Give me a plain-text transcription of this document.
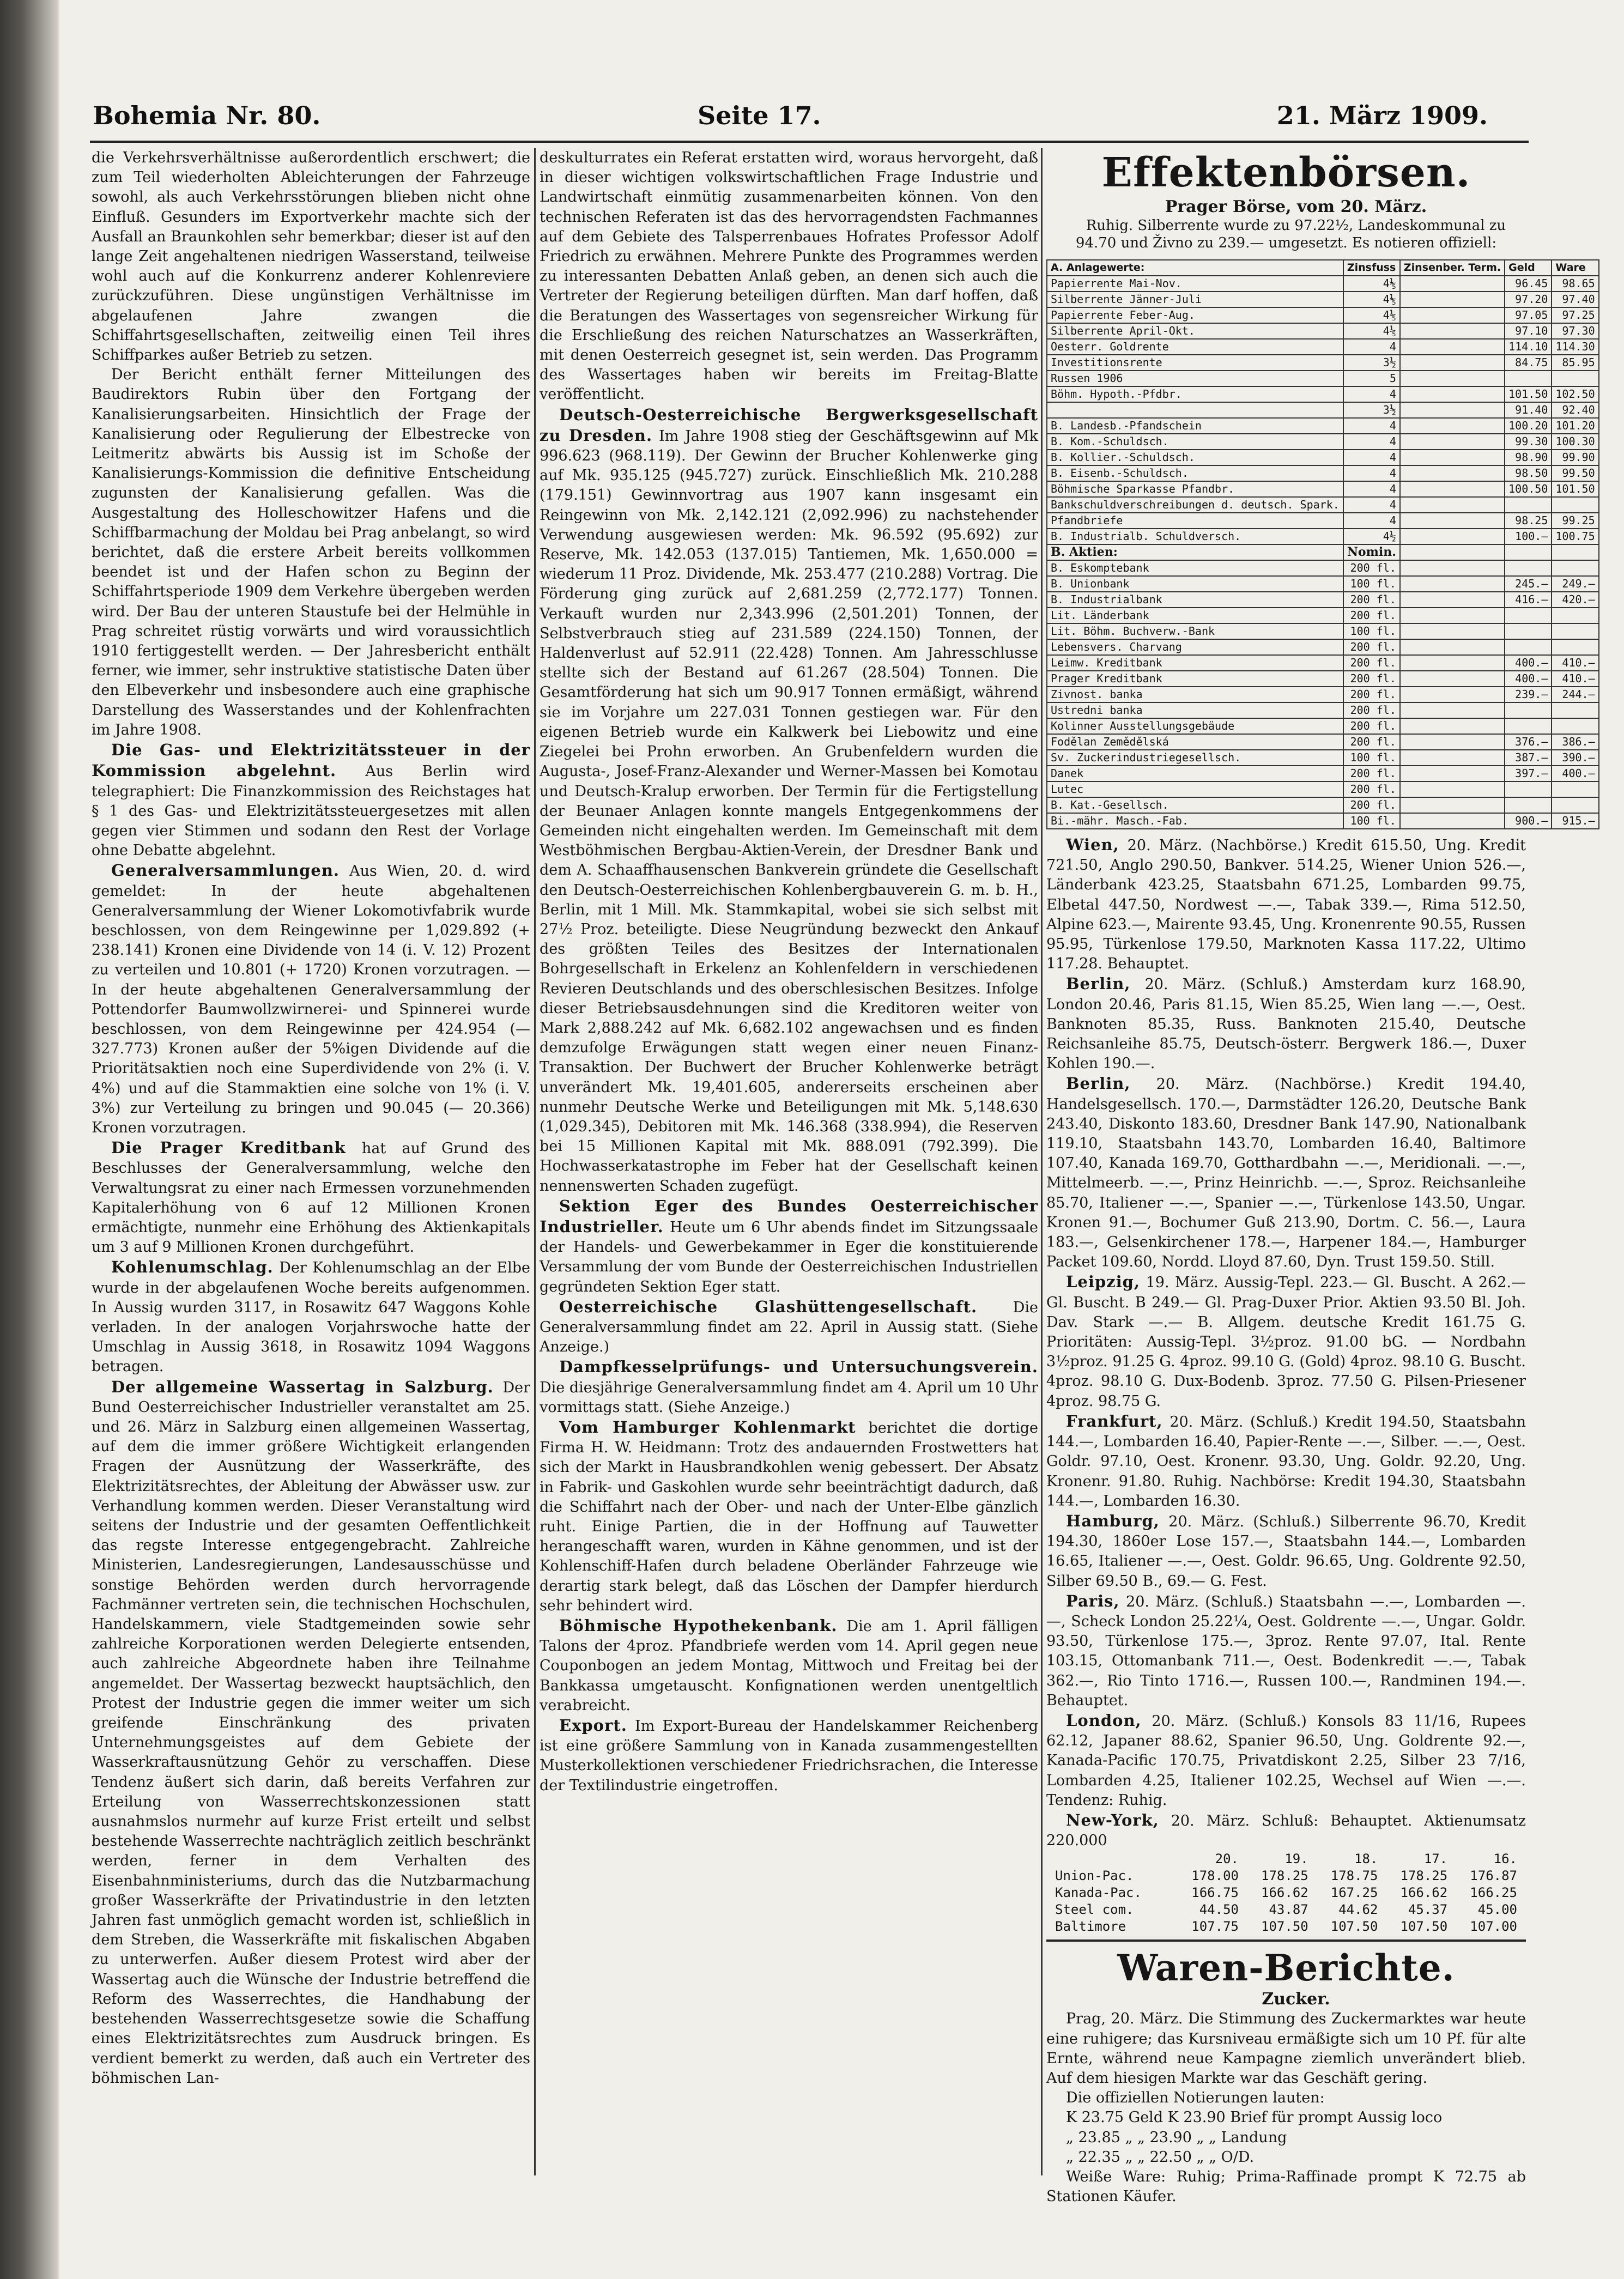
Bohemia Nr. 80.	Seite 17.	21. März 1909.

die Verkehrsverhältnisse außerordentlich erschwert; die zum Teil wiederholten Ableichterungen der Fahrzeuge sowohl, als auch Verkehrsstörungen blieben nicht ohne Einfluß. Gesunders im Exportverkehr machte sich der Ausfall an Braunkohlen sehr bemerkbar; dieser ist auf den lange Zeit angehaltenen niedrigen Wasserstand, teilweise wohl auch auf die Konkurrenz anderer Kohlenreviere zurückzuführen. Diese ungünstigen Verhältnisse im abgelaufenen Jahre zwangen die Schiffahrtsgesellschaften, zeitweilig einen Teil ihres Schiffparkes außer Betrieb zu setzen.

Der Bericht enthält ferner Mitteilungen des Baudirektors Rubin über den Fortgang der Kanalisierungsarbeiten. Hinsichtlich der Frage der Kanalisierung oder Regulierung der Elbestrecke von Leitmeritz abwärts bis Aussig ist im Schoße der Kanalisierungs-Kommission die definitive Entscheidung zugunsten der Kanalisierung gefallen. Was die Ausgestaltung des Holleschowitzer Hafens und die Schiffbarmachung der Moldau bei Prag anbelangt, so wird berichtet, daß die erstere Arbeit bereits vollkommen beendet ist und der Hafen schon zu Beginn der Schiffahrtsperiode 1909 dem Verkehre übergeben werden wird. Der Bau der unteren Staustufe bei der Helmühle in Prag schreitet rüstig vorwärts und wird voraussichtlich 1910 fertiggestellt werden. — Der Jahresbericht enthält ferner, wie immer, sehr instruktive statistische Daten über den Elbeverkehr und insbesondere auch eine graphische Darstellung des Wasserstandes und der Kohlenfrachten im Jahre 1908.

Die Gas- und Elektrizitätssteuer in der Kommission abgelehnt. Aus Berlin wird telegraphiert: Die Finanzkommission des Reichstages hat § 1 des Gas- und Elektrizitätssteuergesetzes mit allen gegen vier Stimmen und sodann den Rest der Vorlage ohne Debatte abgelehnt.

Generalversammlungen. Aus Wien, 20. d. wird gemeldet: In der heute abgehaltenen Generalversammlung der Wiener Lokomotivfabrik wurde beschlossen, von dem Reingewinne per 1,029.892 (+ 238.141) Kronen eine Dividende von 14 (i. V. 12) Prozent zu verteilen und 10.801 (+ 1720) Kronen vorzutragen. — In der heute abgehaltenen Generalversammlung der Pottendorfer Baumwollzwirnerei- und Spinnerei wurde beschlossen, von dem Reingewinne per 424.954 (— 327.773) Kronen außer der 5%igen Dividende auf die Prioritätsaktien noch eine Superdividende von 2% (i. V. 4%) und auf die Stammaktien eine solche von 1% (i. V. 3%) zur Verteilung zu bringen und 90.045 (— 20.366) Kronen vorzutragen.

Die Prager Kreditbank hat auf Grund des Beschlusses der Generalversammlung, welche den Verwaltungsrat zu einer nach Ermessen vorzunehmenden Kapitalerhöhung von 6 auf 12 Millionen Kronen ermächtigte, nunmehr eine Erhöhung des Aktienkapitals um 3 auf 9 Millionen Kronen durchgeführt.

Kohlenumschlag. Der Kohlenumschlag an der Elbe wurde in der abgelaufenen Woche bereits aufgenommen. In Aussig wurden 3117, in Rosawitz 647 Waggons Kohle verladen. In der analogen Vorjahrswoche hatte der Umschlag in Aussig 3618, in Rosawitz 1094 Waggons betragen.

Der allgemeine Wassertag in Salzburg. Der Bund Oesterreichischer Industrieller veranstaltet am 25. und 26. März in Salzburg einen allgemeinen Wassertag, auf dem die immer größere Wichtigkeit erlangenden Fragen der Ausnützung der Wasserkräfte, des Elektrizitätsrechtes, der Ableitung der Abwässer usw. zur Verhandlung kommen werden. Dieser Veranstaltung wird seitens der Industrie und der gesamten Oeffentlichkeit das regste Interesse entgegengebracht. Zahlreiche Ministerien, Landesregierungen, Landesausschüsse und sonstige Behörden werden durch hervorragende Fachmänner vertreten sein, die technischen Hochschulen, Handelskammern, viele Stadtgemeinden sowie sehr zahlreiche Korporationen werden Delegierte entsenden, auch zahlreiche Abgeordnete haben ihre Teilnahme angemeldet. Der Wassertag bezweckt hauptsächlich, den Protest der Industrie gegen die immer weiter um sich greifende Einschränkung des privaten Unternehmungsgeistes auf dem Gebiete der Wasserkraftausnützung Gehör zu verschaffen. Diese Tendenz äußert sich darin, daß bereits Verfahren zur Erteilung von Wasserrechtskonzessionen statt ausnahmslos nurmehr auf kurze Frist erteilt und selbst bestehende Wasserrechte nachträglich zeitlich beschränkt werden, ferner in dem Verhalten des Eisenbahnministeriums, durch das die Nutzbarmachung großer Wasserkräfte der Privatindustrie in den letzten Jahren fast unmöglich gemacht worden ist, schließlich in dem Streben, die Wasserkräfte mit fiskalischen Abgaben zu unterwerfen. Außer diesem Protest wird aber der Wassertag auch die Wünsche der Industrie betreffend die Reform des Wasserrechtes, die Handhabung der bestehenden Wasserrechtsgesetze sowie die Schaffung eines Elektrizitätsrechtes zum Ausdruck bringen. Es verdient bemerkt zu werden, daß auch ein Vertreter des böhmischen Lan-

deskulturrates ein Referat erstatten wird, woraus hervorgeht, daß in dieser wichtigen volkswirtschaftlichen Frage Industrie und Landwirtschaft einmütig zusammenarbeiten können. Von den technischen Referaten ist das des hervorragendsten Fachmannes auf dem Gebiete des Talsperrenbaues Hofrates Professor Adolf Friedrich zu erwähnen. Mehrere Punkte des Programmes werden zu interessanten Debatten Anlaß geben, an denen sich auch die Vertreter der Regierung beteiligen dürften. Man darf hoffen, daß die Beratungen des Wassertages von segensreicher Wirkung für die Erschließung des reichen Naturschatzes an Wasserkräften, mit denen Oesterreich gesegnet ist, sein werden. Das Programm des Wassertages haben wir bereits im Freitag-Blatte veröffentlicht.

Deutsch-Oesterreichische Bergwerksgesellschaft zu Dresden. Im Jahre 1908 stieg der Geschäftsgewinn auf Mk 996.623 (968.119). Der Gewinn der Brucher Kohlenwerke ging auf Mk. 935.125 (945.727) zurück. Einschließlich Mk. 210.288 (179.151) Gewinnvortrag aus 1907 kann insgesamt ein Reingewinn von Mk. 2,142.121 (2,092.996) zu nachstehender Verwendung ausgewiesen werden: Mk. 96.592 (95.692) zur Reserve, Mk. 142.053 (137.015) Tantiemen, Mk. 1,650.000 = wiederum 11 Proz. Dividende, Mk. 253.477 (210.288) Vortrag. Die Förderung ging zurück auf 2,681.259 (2,772.177) Tonnen. Verkauft wurden nur 2,343.996 (2,501.201) Tonnen, der Selbstverbrauch stieg auf 231.589 (224.150) Tonnen, der Haldenverlust auf 52.911 (22.428) Tonnen. Am Jahresschlusse stellte sich der Bestand auf 61.267 (28.504) Tonnen. Die Gesamtförderung hat sich um 90.917 Tonnen ermäßigt, während sie im Vorjahre um 227.031 Tonnen gestiegen war. Für den eigenen Betrieb wurde ein Kalkwerk bei Liebowitz und eine Ziegelei bei Prohn erworben. An Grubenfeldern wurden die Augusta-, Josef-Franz-Alexander und Werner-Massen bei Komotau und Deutsch-Kralup erworben. Der Termin für die Fertigstellung der Beunaer Anlagen konnte mangels Entgegenkommens der Gemeinden nicht eingehalten werden. Im Gemeinschaft mit dem Westböhmischen Bergbau-Aktien-Verein, der Dresdner Bank und dem A. Schaaffhausenschen Bankverein gründete die Gesellschaft den Deutsch-Oesterreichischen Kohlenbergbauverein G. m. b. H., Berlin, mit 1 Mill. Mk. Stammkapital, wobei sie sich selbst mit 27½ Proz. beteiligte. Diese Neugründung bezweckt den Ankauf des größten Teiles des Besitzes der Internationalen Bohrgesellschaft in Erkelenz an Kohlenfeldern in verschiedenen Revieren Deutschlands und des oberschlesischen Besitzes. Infolge dieser Betriebsausdehnungen sind die Kreditoren weiter von Mark 2,888.242 auf Mk. 6,682.102 angewachsen und es finden demzufolge Erwägungen statt wegen einer neuen Finanz-Transaktion. Der Buchwert der Brucher Kohlenwerke beträgt unverändert Mk. 19,401.605, andererseits erscheinen aber nunmehr Deutsche Werke und Beteiligungen mit Mk. 5,148.630 (1,029.345), Debitoren mit Mk. 146.368 (338.994), die Reserven bei 15 Millionen Kapital mit Mk. 888.091 (792.399). Die Hochwasserkatastrophe im Feber hat der Gesellschaft keinen nennenswerten Schaden zugefügt.

Sektion Eger des Bundes Oesterreichischer Industrieller. Heute um 6 Uhr abends findet im Sitzungssaale der Handels- und Gewerbekammer in Eger die konstituierende Versammlung der vom Bunde der Oesterreichischen Industriellen gegründeten Sektion Eger statt.

Oesterreichische Glashüttengesellschaft. Die Generalversammlung findet am 22. April in Aussig statt. (Siehe Anzeige.)

Dampfkesselprüfungs- und Untersuchungsverein. Die diesjährige Generalversammlung findet am 4. April um 10 Uhr vormittags statt. (Siehe Anzeige.)

Vom Hamburger Kohlenmarkt berichtet die dortige Firma H. W. Heidmann: Trotz des andauernden Frostwetters hat sich der Markt in Hausbrandkohlen wenig gebessert. Der Absatz in Fabrik- und Gaskohlen wurde sehr beeinträchtigt dadurch, daß die Schiffahrt nach der Ober- und nach der Unter-Elbe gänzlich ruht. Einige Partien, die in der Hoffnung auf Tauwetter herangeschafft waren, wurden in Kähne genommen, und ist der Kohlenschiff-Hafen durch beladene Oberländer Fahrzeuge wie derartig stark belegt, daß das Löschen der Dampfer hierdurch sehr behindert wird.

Böhmische Hypothekenbank. Die am 1. April fälligen Talons der 4proz. Pfandbriefe werden vom 14. April gegen neue Couponbogen an jedem Montag, Mittwoch und Freitag bei der Bankkassa umgetauscht. Konfignationen werden unentgeltlich verabreicht.

Export. Im Export-Bureau der Handelskammer Reichenberg ist eine größere Sammlung von in Kanada zusammengestellten Musterkollektionen verschiedener Friedrichsrachen, die Interesse der Textilindustrie eingetroffen.

Effektenbörsen.

Prager Börse, vom 20. März.

Ruhig. Silberrente wurde zu 97.22½, Landeskommunal zu 94.70 und Živno zu 239.— umgesetzt. Es notieren offiziell:

A. Anlagewerte:	Zinsfuss	Zinsenber. Term.	Geld	Ware
Papierrente Mai-Nov.	4⅕		96.45	98.65
Silberrente Jänner-Juli	4⅕		97.20	97.40
Papierrente Feber-Aug.	4⅕		97.05	97.25
Silberrente April-Okt.	4⅕		97.10	97.30
Oesterr. Goldrente	4		114.10	114.30
Investitionsrente	3½		84.75	85.95
Russen 1906	5			
Böhm. Hypoth.-Pfdbr.	4		101.50	102.50
	3½		91.40	92.40
B. Landesb.-Pfandschein	4		100.20	101.20
B. Kom.-Schuldsch.	4		99.30	100.30
B. Kollier.-Schuldsch.	4		98.90	99.90
B. Eisenb.-Schuldsch.	4		98.50	99.50
Böhmische Sparkasse Pfandbr.	4		100.50	101.50
Bankschuldverschreibungen d. deutsch. Spark.	4			
Pfandbriefe	4		98.25	99.25
B. Industrialb. Schuldversch.	4½		100.—	100.75
B. Aktien:	Nomin.			
B. Eskomptebank	200 fl.			
B. Unionbank	100 fl.		245.—	249.—
B. Industrialbank	200 fl.		416.—	420.—
Lit. Länderbank	200 fl.			
Lit. Böhm. Buchverw.-Bank	100 fl.			
Lebensvers. Charvang	200 fl.			
Leimw. Kreditbank	200 fl.		400.—	410.—
Prager Kreditbank	200 fl.		400.—	410.—
Zivnost. banka	200 fl.		239.—	244.—
Ustredni banka	200 fl.			
Kolinner Ausstellungsgebäude	200 fl.			
Fodělan Zemědělská	200 fl.		376.—	386.—
Sv. Zuckerindustriegesellsch.	100 fl.		387.—	390.—
Danek	200 fl.		397.—	400.—
Lutec	200 fl.			
B. Kat.-Gesellsch.	200 fl.			
Bi.-mähr. Masch.-Fab.	100 fl.		900.—	915.—

Wien, 20. März. (Nachbörse.) Kredit 615.50, Ung. Kredit 721.50, Anglo 290.50, Bankver. 514.25, Wiener Union 526.—, Länderbank 423.25, Staatsbahn 671.25, Lombarden 99.75, Elbetal 447.50, Nordwest —.—, Tabak 339.—, Rima 512.50, Alpine 623.—, Mairente 93.45, Ung. Kronenrente 90.55, Russen 95.95, Türkenlose 179.50, Marknoten Kassa 117.22, Ultimo 117.28. Behauptet.

Berlin, 20. März. (Schluß.) Amsterdam kurz 168.90, London 20.46, Paris 81.15, Wien 85.25, Wien lang —.—, Oest. Banknoten 85.35, Russ. Banknoten 215.40, Deutsche Reichsanleihe 85.75, Deutsch-österr. Bergwerk 186.—, Duxer Kohlen 190.—.

Berlin, 20. März. (Nachbörse.) Kredit 194.40, Handelsgesellsch. 170.—, Darmstädter 126.20, Deutsche Bank 243.40, Diskonto 183.60, Dresdner Bank 147.90, Nationalbank 119.10, Staatsbahn 143.70, Lombarden 16.40, Baltimore 107.40, Kanada 169.70, Gotthardbahn —.—, Meridionali. —.—, Mittelmeerb. —.—, Prinz Heinrichb. —.—, Sproz. Reichsanleihe 85.70, Italiener —.—, Spanier —.—, Türkenlose 143.50, Ungar. Kronen 91.—, Bochumer Guß 213.90, Dortm. C. 56.—, Laura 183.—, Gelsenkirchener 178.—, Harpener 184.—, Hamburger Packet 109.60, Nordd. Lloyd 87.60, Dyn. Trust 159.50. Still.

Leipzig, 19. März. Aussig-Tepl. 223.— Gl. Buscht. A 262.— Gl. Buscht. B 249.— Gl. Prag-Duxer Prior. Aktien 93.50 Bl. Joh. Dav. Stark —.— B. Allgem. deutsche Kredit 161.75 G. Prioritäten: Aussig-Tepl. 3½proz. 91.00 bG. — Nordbahn 3½proz. 91.25 G. 4proz. 99.10 G. (Gold) 4proz. 98.10 G. Buscht. 4proz. 98.10 G. Dux-Bodenb. 3proz. 77.50 G. Pilsen-Priesener 4proz. 98.75 G.

Frankfurt, 20. März. (Schluß.) Kredit 194.50, Staatsbahn 144.—, Lombarden 16.40, Papier-Rente —.—, Silber. —.—, Oest. Goldr. 97.10, Oest. Kronenr. 93.30, Ung. Goldr. 92.20, Ung. Kronenr. 91.80. Ruhig. Nachbörse: Kredit 194.30, Staatsbahn 144.—, Lombarden 16.30.

Hamburg, 20. März. (Schluß.) Silberrente 96.70, Kredit 194.30, 1860er Lose 157.—, Staatsbahn 144.—, Lombarden 16.65, Italiener —.—, Oest. Goldr. 96.65, Ung. Goldrente 92.50, Silber 69.50 B., 69.— G. Fest.

Paris, 20. März. (Schluß.) Staatsbahn —.—, Lombarden —.—, Scheck London 25.22¼, Oest. Goldrente —.—, Ungar. Goldr. 93.50, Türkenlose 175.—, 3proz. Rente 97.07, Ital. Rente 103.15, Ottomanbank 711.—, Oest. Bodenkredit —.—, Tabak 362.—, Rio Tinto 1716.—, Russen 100.—, Randminen 194.—. Behauptet.

London, 20. März. (Schluß.) Konsols 83 11/16, Rupees 62.12, Japaner 88.62, Spanier 96.50, Ung. Goldrente 92.—, Kanada-Pacific 170.75, Privatdiskont 2.25, Silber 23 7/16, Lombarden 4.25, Italiener 102.25, Wechsel auf Wien —.—. Tendenz: Ruhig.

New-York, 20. März. Schluß: Behauptet. Aktienumsatz 220.000

	20.	19.	18.	17.	16.
Union-Pac.	178.00	178.25	178.75	178.25	176.87
Kanada-Pac.	166.75	166.62	167.25	166.62	166.25
Steel com.	44.50	43.87	44.62	45.37	45.00
Baltimore	107.75	107.50	107.50	107.50	107.00
Waren-Berichte.

Zucker.

Prag, 20. März. Die Stimmung des Zuckermarktes war heute eine ruhigere; das Kursniveau ermäßigte sich um 10 Pf. für alte Ernte, während neue Kampagne ziemlich unverändert blieb. Auf dem hiesigen Markte war das Geschäft gering.

Die offiziellen Notierungen lauten:

K 23.75 Geld K 23.90 Brief für prompt Aussig loco

„ 23.85 „ „ 23.90 „ „ Landung

„ 22.35 „ „ 22.50 „ „ O/D.

Weiße Ware: Ruhig; Prima-Raffinade prompt K 72.75 ab Stationen Käufer.
